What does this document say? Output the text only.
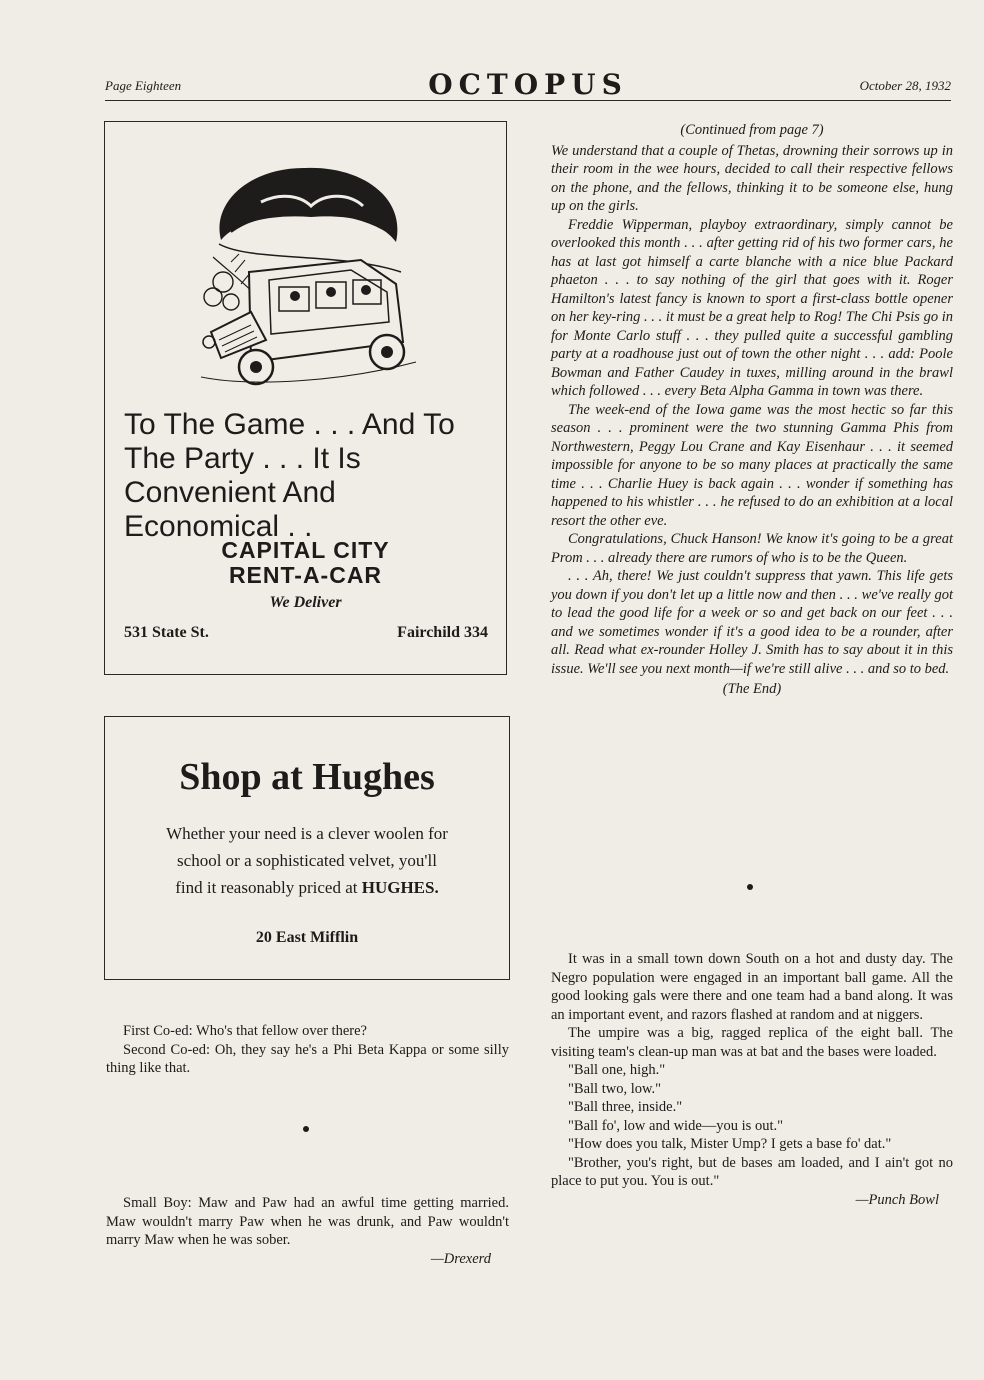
Page Eighteen	OCTOPUS	October 28, 1932
To The Game . . . And To The Party . . . It Is Convenient And Economical . .
CAPITAL CITY
RENT-A-CAR
We Deliver
531 State St.	Fairchild 334
Shop at Hughes
Whether your need is a clever woolen for
school or a sophisticated velvet, you'll
find it reasonably priced at HUGHES.
20 East Mifflin

First Co-ed: Who's that fellow over there?

Second Co-ed: Oh, they say he's a Phi Beta Kappa or some silly thing like that.

Small Boy: Maw and Paw had an awful time getting married. Maw wouldn't marry Paw when he was drunk, and Paw wouldn't marry Maw when he was sober.

—Drexerd

(Continued from page 7)

We understand that a couple of Thetas, drowning their sorrows up in their room in the wee hours, decided to call their respective fellows on the phone, and the fellows, thinking it to be someone else, hung up on the girls.

Freddie Wipperman, playboy extraordinary, simply cannot be overlooked this month . . . after getting rid of his two former cars, he has at last got himself a carte blanche with a nice blue Packard phaeton . . . to say nothing of the girl that goes with it. Roger Hamilton's latest fancy is known to sport a first-class bottle opener on her key-ring . . . it must be a great help to Rog! The Chi Psis go in for Monte Carlo stuff . . . they pulled quite a successful gambling party at a roadhouse just out of town the other night . . . add: Poole Bowman and Father Caudey in tuxes, milling around in the brawl which followed . . . every Beta Alpha Gamma in town was there.

The week-end of the Iowa game was the most hectic so far this season . . . prominent were the two stunning Gamma Phis from Northwestern, Peggy Lou Crane and Kay Eisenhaur . . . it seemed impossible for anyone to be so many places at practically the same time . . . Charlie Huey is back again . . . wonder if something has happened to his whistler . . . he refused to do an exhibition at a local resort the other eve.

Congratulations, Chuck Hanson! We know it's going to be a great Prom . . . already there are rumors of who is to be the Queen.

. . . Ah, there! We just couldn't suppress that yawn. This life gets you down if you don't let up a little now and then . . . we've really got to lead the good life for a week or so and get back on our feet . . . and we sometimes wonder if it's a good idea to be a rounder, after all. Read what ex-rounder Holley J. Smith has to say about it in this issue. We'll see you next month—if we're still alive . . . and so to bed.

(The End)

It was in a small town down South on a hot and dusty day. The Negro population were engaged in an important ball game. All the good looking gals were there and one team had a band along. It was an important event, and razors flashed at random and at niggers.

The umpire was a big, ragged replica of the eight ball. The visiting team's clean-up man was at bat and the bases were loaded.

"Ball one, high."

"Ball two, low."

"Ball three, inside."

"Ball fo', low and wide—you is out."

"How does you talk, Mister Ump? I gets a base fo' dat."

"Brother, you's right, but de bases am loaded, and I ain't got no place to put you. You is out."

—Punch Bowl
